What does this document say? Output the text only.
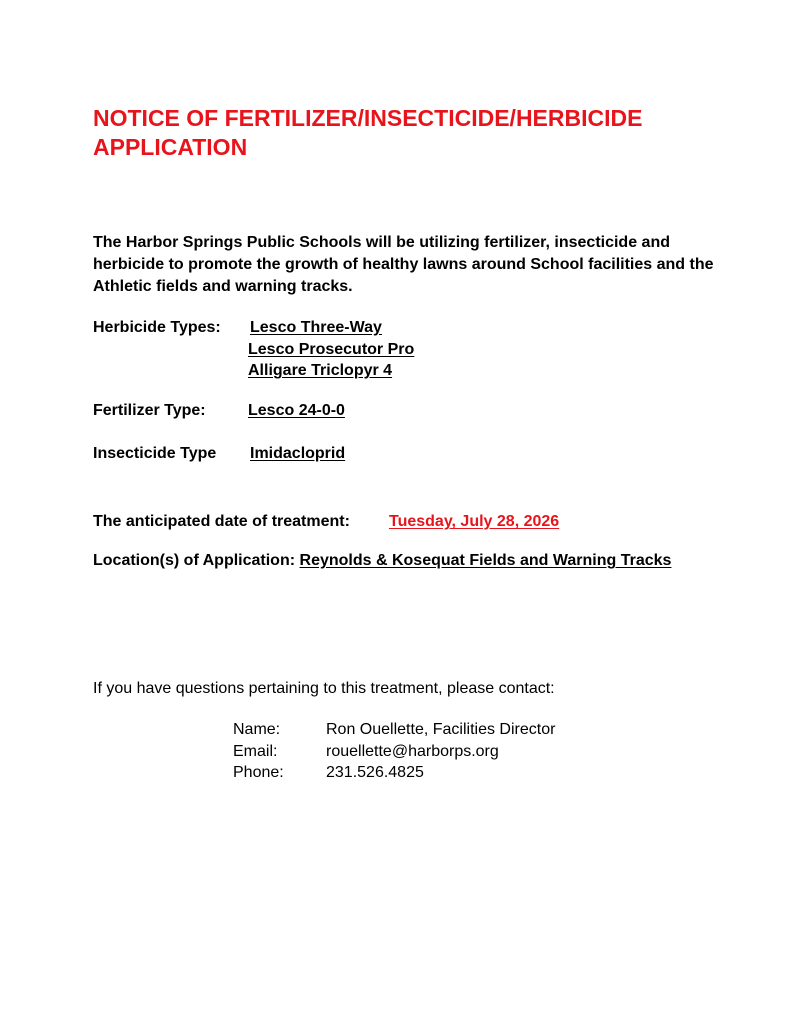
NOTICE OF FERTILIZER/INSECTICIDE/HERBICIDE APPLICATION

The Harbor Springs Public Schools will be utilizing fertilizer, insecticide and herbicide to promote the growth of healthy lawns around School facilities and the Athletic fields and warning tracks.

Herbicide Types: Lesco Three-Way
Lesco Prosecutor Pro
Alligare Triclopyr 4
Fertilizer Type:	Lesco 24-0-0
Insecticide Type Imidacloprid
The anticipated date of treatment: Tuesday, July 28, 2026
Location(s) of Application: Reynolds & Kosequat Fields and Warning Tracks
If you have questions pertaining to this treatment, please contact:
Name:	Ron Ouellette, Facilities Director
Email:	rouellette@harborps.org
Phone:	231.526.4825
